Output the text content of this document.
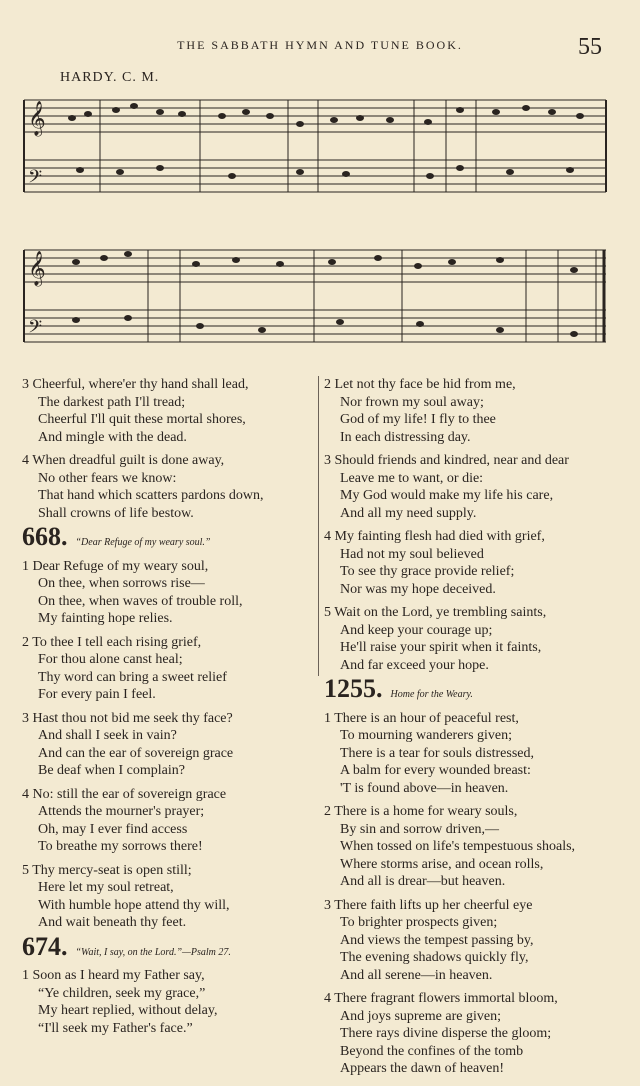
THE SABBATH HYMN AND TUNE BOOK.	55
HARDY. C. M.
𝄞
𝄢
𝄞
𝄢
3 Cheerful, where'er thy hand shall lead,
The darkest path I'll tread;
Cheerful I'll quit these mortal shores,
And mingle with the dead.
4 When dreadful guilt is done away,
No other fears we know:
That hand which scatters pardons down,
Shall crowns of life bestow.
668. “Dear Refuge of my weary soul.”
1 Dear Refuge of my weary soul,
On thee, when sorrows rise—
On thee, when waves of trouble roll,
My fainting hope relies.
2 To thee I tell each rising grief,
For thou alone canst heal;
Thy word can bring a sweet relief
For every pain I feel.
3 Hast thou not bid me seek thy face?
And shall I seek in vain?
And can the ear of sovereign grace
Be deaf when I complain?
4 No: still the ear of sovereign grace
Attends the mourner's prayer;
Oh, may I ever find access
To breathe my sorrows there!
5 Thy mercy-seat is open still;
Here let my soul retreat,
With humble hope attend thy will,
And wait beneath thy feet.
674. “Wait, I say, on the Lord.”—Psalm 27.
1 Soon as I heard my Father say,
“Ye children, seek my grace,”
My heart replied, without delay,
“I'll seek my Father's face.”
2 Let not thy face be hid from me,
Nor frown my soul away;
God of my life! I fly to thee
In each distressing day.
3 Should friends and kindred, near and dear
Leave me to want, or die:
My God would make my life his care,
And all my need supply.
4 My fainting flesh had died with grief,
Had not my soul believed
To see thy grace provide relief;
Nor was my hope deceived.
5 Wait on the Lord, ye trembling saints,
And keep your courage up;
He'll raise your spirit when it faints,
And far exceed your hope.
1255. Home for the Weary.
1 There is an hour of peaceful rest,
To mourning wanderers given;
There is a tear for souls distressed,
A balm for every wounded breast:
'T is found above—in heaven.
2 There is a home for weary souls,
By sin and sorrow driven,—
When tossed on life's tempestuous shoals,
Where storms arise, and ocean rolls,
And all is drear—but heaven.
3 There faith lifts up her cheerful eye
To brighter prospects given;
And views the tempest passing by,
The evening shadows quickly fly,
And all serene—in heaven.
4 There fragrant flowers immortal bloom,
And joys supreme are given;
There rays divine disperse the gloom;
Beyond the confines of the tomb
Appears the dawn of heaven!
